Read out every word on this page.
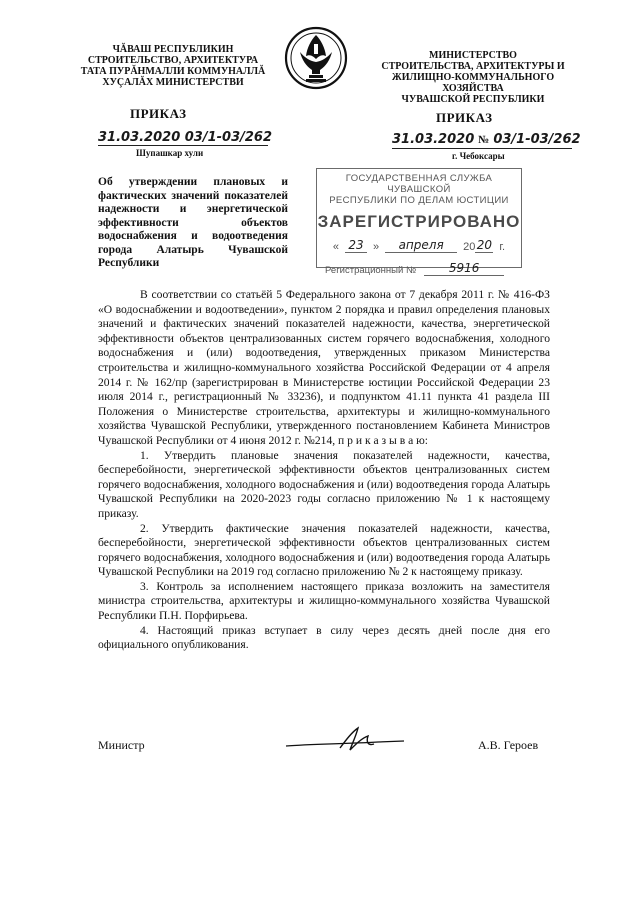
ЧĂВАШ РЕСПУБЛИКИН
СТРОИТЕЛЬСТВО, АРХИТЕКТУРА
ТАТА ПУРĂНМАЛЛИ КОММУНАЛЛĂ
ХУÇАЛĂХ МИНИСТЕРСТВИ
МИНИСТЕРСТВО
СТРОИТЕЛЬСТВА, АРХИТЕКТУРЫ И
ЖИЛИЩНО-КОММУНАЛЬНОГО ХОЗЯЙСТВА
ЧУВАШСКОЙ РЕСПУБЛИКИ
ПРИКАЗ	ПРИКАЗ
31.03.2020 03/1-03/262
Шупашкар хули
31.03.2020 № 03/1-03/262
г. Чебоксары
Об утверждении плановых и фактических значений показателей надежности и энергетической эффективности объектов водоснабжения и водоотведения города Алатырь Чувашской Республики
ГОСУДАРСТВЕННАЯ СЛУЖБА ЧУВАШСКОЙ
РЕСПУБЛИКИ ПО ДЕЛАМ ЮСТИЦИИ
ЗАРЕГИСТРИРОВАНО
« 23 »	апреля	20 20 г.
Регистрационный №	5916

В соответствии со статьёй 5 Федерального закона от 7 декабря 2011 г. № 416-ФЗ «О водоснабжении и водоотведении», пунктом 2 порядка и правил определения плановых значений и фактических значений показателей надежности, качества, энергетической эффективности объектов централизованных систем горячего водоснабжения, холодного водоснабжения и (или) водоотведения, утвержденных приказом Министерства строительства и жилищно-коммунального хозяйства Российской Федерации от 4 апреля 2014 г. № 162/пр (зарегистрирован в Министерстве юстиции Российской Федерации 23 июля 2014 г., регистрационный № 33236), и подпунктом 41.11 пункта 41 раздела III Положения о Министерстве строительства, архитектуры и жилищно-коммунального хозяйства Чувашской Республики, утвержденного постановлением Кабинета Министров Чувашской Республики от 4 июня 2012 г. №214, п р и к а з ы в а ю:

1. Утвердить плановые значения показателей надежности, качества, бесперебойности, энергетической эффективности объектов централизованных систем горячего водоснабжения, холодного водоснабжения и (или) водоотведения города Алатырь Чувашской Республики на 2020-2023 годы согласно приложению № 1 к настоящему приказу.

2. Утвердить фактические значения показателей надежности, качества, бесперебойности, энергетической эффективности объектов централизованных систем горячего водоснабжения, холодного водоснабжения и (или) водоотведения города Алатырь Чувашской Республики на 2019 год согласно приложению № 2 к настоящему приказу.

3. Контроль за исполнением настоящего приказа возложить на заместителя министра строительства, архитектуры и жилищно-коммунального хозяйства Чувашской Республики П.Н. Порфирьева.

4. Настоящий приказ вступает в силу через десять дней после дня его официального опубликования.

Министр	А.В. Героев
